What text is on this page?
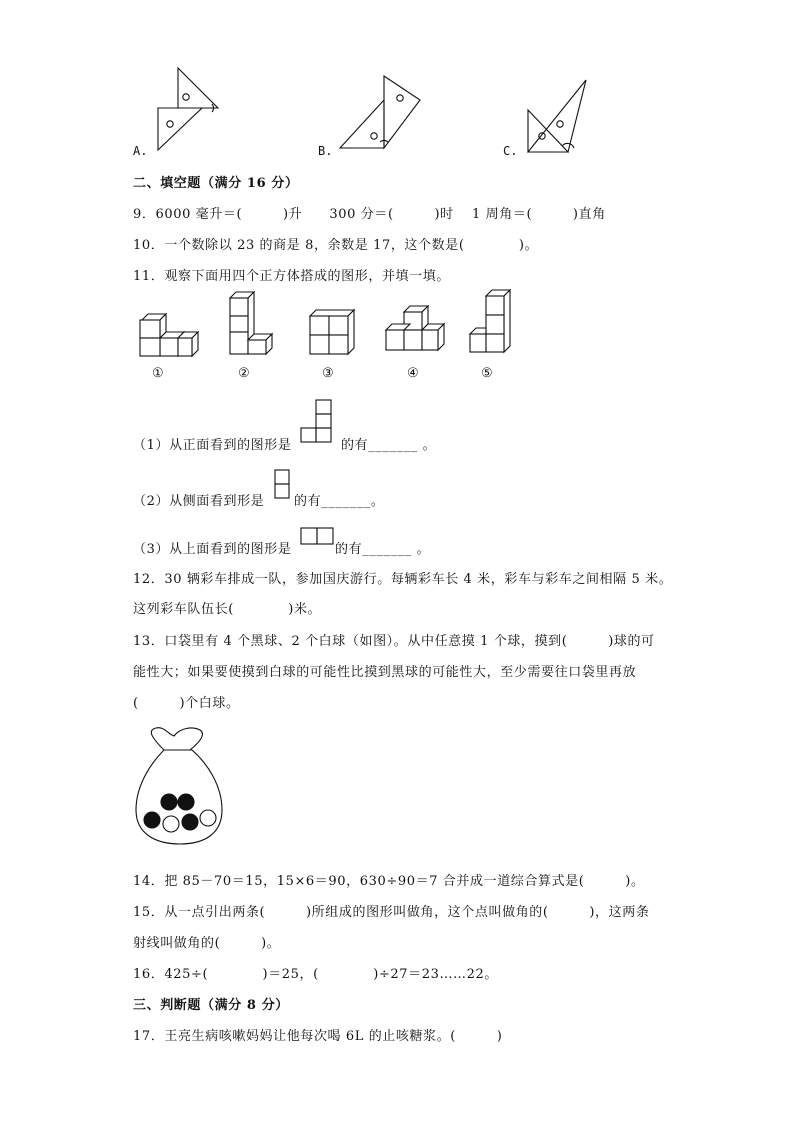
A.	B.	C.
二、填空题（满分 16 分）
9．6000 毫升＝(　　　)升　　300 分＝(　　　)时　 1 周角＝(　　　)直角
10．一个数除以 23 的商是 8，余数是 17，这个数是(　　　　)。
11．观察下面用四个正方体搭成的图形，并填一填。
①	②	③	④	⑤
（1）从正面看到的图形是	的有_______ 。
（2）从侧面看到形是 的有_______。
（3）从上面看到的图形是	的有_______ 。
12．30 辆彩车排成一队，参加国庆游行。每辆彩车长 4 米，彩车与彩车之间相隔 5 米。
这列彩车队伍长(　　　　)米。
13．口袋里有 4 个黑球、2 个白球（如图）。从中任意摸 1 个球，摸到(　　　)球的可
能性大；如果要使摸到白球的可能性比摸到黑球的可能性大，至少需要往口袋里再放
(　　　)个白球。
14．把 85－70＝15，15×6＝90，630÷90＝7 合并成一道综合算式是(　　　)。
15．从一点引出两条(　　　)所组成的图形叫做角，这个点叫做角的(　　　)，这两条
射线叫做角的(　　　)。
16．425÷(　　　　)＝25，(　　　　)÷27＝23……22。
三、判断题（满分 8 分）
17．王亮生病咳嗽妈妈让他每次喝 6L 的止咳糖浆。(　　　)
